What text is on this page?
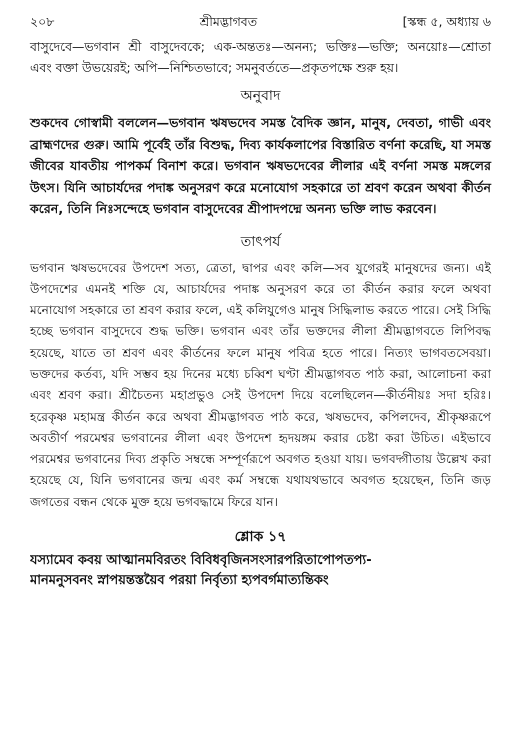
২০৮	শ্রীমদ্ভাগবত	[স্কন্ধ ৫, অধ্যায় ৬

বাসুদেবে—ভগবান শ্রী বাসুদেবকে; এক-অন্ততঃ—অনন্য; ভক্তিঃ—ভক্তি; অনয়োঃ—শ্রোতা এবং বক্তা উভয়েরই; অপি—নিশ্চিতভাবে; সমনুবর্ততে—প্রকৃতপক্ষে শুরু হয়।

অনুবাদ

শুকদেব গোস্বামী বললেন—ভগবান ঋষভদেব সমস্ত বৈদিক জ্ঞান, মানুষ, দেবতা, গাভী এবং ব্রাহ্মণদের গুরু। আমি পূর্বেই তাঁর বিশুদ্ধ, দিব্য কার্যকলাপের বিস্তারিত বর্ণনা করেছি, যা সমস্ত জীবের যাবতীয় পাপকর্ম বিনাশ করে। ভগবান ঋষভদেবের লীলার এই বর্ণনা সমস্ত মঙ্গলের উৎস। যিনি আচার্যদের পদাঙ্ক অনুসরণ করে মনোযোগ সহকারে তা শ্রবণ করেন অথবা কীর্তন করেন, তিনি নিঃসন্দেহে ভগবান বাসুদেবের শ্রীপাদপদ্মে অনন্য ভক্তি লাভ করবেন।

তাৎপর্য

ভগবান ঋষভদেবের উপদেশ সত্য, ত্রেতা, দ্বাপর এবং কলি—সব যুগেরই মানুষদের জন্য। এই উপদেশের এমনই শক্তি যে, আচার্যদের পদাঙ্ক অনুসরণ করে তা কীর্তন করার ফলে অথবা মনোযোগ সহকারে তা শ্রবণ করার ফলে, এই কলিযুগেও মানুষ সিদ্ধিলাভ করতে পারে। সেই সিদ্ধি হচ্ছে ভগবান বাসুদেবে শুদ্ধ ভক্তি। ভগবান এবং তাঁর ভক্তদের লীলা শ্রীমদ্ভাগবতে লিপিবদ্ধ হয়েছে, যাতে তা শ্রবণ এবং কীর্তনের ফলে মানুষ পবিত্র হতে পারে। নিত্যং ভাগবতসেবয়া। ভক্তদের কর্তব্য, যদি সম্ভব হয় দিনের মধ্যে চব্বিশ ঘণ্টা শ্রীমদ্ভাগবত পাঠ করা, আলোচনা করা এবং শ্রবণ করা। শ্রীচৈতন্য মহাপ্রভুও সেই উপদেশ দিয়ে বলেছিলেন—কীর্তনীয়ঃ সদা হরিঃ। হরেকৃষ্ণ মহামন্ত্র কীর্তন করে অথবা শ্রীমদ্ভাগবত পাঠ করে, ঋষভদেব, কপিলদেব, শ্রীকৃষ্ণরূপে অবতীর্ণ পরমেশ্বর ভগবানের লীলা এবং উপদেশ হৃদয়ঙ্গম করার চেষ্টা করা উচিত। এইভাবে পরমেশ্বর ভগবানের দিব্য প্রকৃতি সম্বন্ধে সম্পূর্ণরূপে অবগত হওয়া যায়। ভগবদ্গীতায় উল্লেখ করা হয়েছে যে, যিনি ভগবানের জন্ম এবং কর্ম সম্বন্ধে যথাযথভাবে অবগত হয়েছেন, তিনি জড় জগতের বন্ধন থেকে মুক্ত হয়ে ভগবদ্ধামে ফিরে যান।

শ্লোক ১৭

যস্যামেব কবয় আত্মানমবিরতং বিবিধবৃজিনসংসারপরিতাপোপতপ্য-
মানমনুসবনং স্নাপয়ন্তস্তয়ৈব পরয়া নির্বৃত্যা হ্যপবর্গমাত্যন্তিকং
